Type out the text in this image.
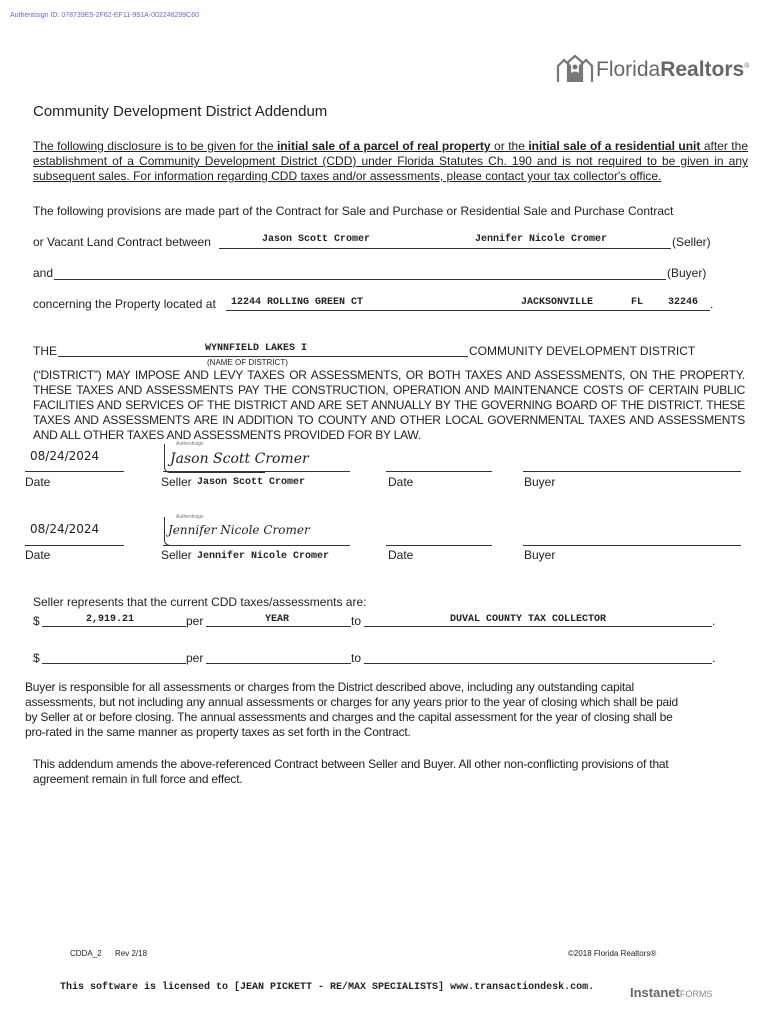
Authentisign ID: 078739E5-2F62-EF11-991A-002248299C60
FloridaRealtors®
Community Development District Addendum
The following disclosure is to be given for the initial sale of a parcel of real property or the initial sale of a residential unit after the establishment of a Community Development District (CDD) under Florida Statutes Ch. 190 and is not required to be given in any subsequent sales. For information regarding CDD taxes and/or assessments, please contact your tax collector's office.
The following provisions are made part of the Contract for Sale and Purchase or Residential Sale and Purchase Contract
or Vacant Land Contract between	Jason Scott Cromer	Jennifer Nicole Cromer	(Seller)
and	(Buyer)
concerning the Property located at 12244 ROLLING GREEN CT	JACKSONVILLE	FL 32246 .
THE	WYNNFIELD LAKES I
(NAME OF DISTRICT)
COMMUNITY DEVELOPMENT DISTRICT
(“DISTRICT”) MAY IMPOSE AND LEVY TAXES OR ASSESSMENTS, OR BOTH TAXES AND ASSESSMENTS, ON THE PROPERTY. THESE TAXES AND ASSESSMENTS PAY THE CONSTRUCTION, OPERATION AND MAINTENANCE COSTS OF CERTAIN PUBLIC FACILITIES AND SERVICES OF THE DISTRICT AND ARE SET ANNUALLY BY THE GOVERNING BOARD OF THE DISTRICT. THESE TAXES AND ASSESSMENTS ARE IN ADDITION TO COUNTY AND OTHER LOCAL GOVERNMENTAL TAXES AND ASSESSMENTS AND ALL OTHER TAXES AND ASSESSMENTS PROVIDED FOR BY LAW.
08/24/2024
Date
Authentisign
Jason Scott Cromer
Seller Jason Scott Cromer	Date	Buyer
08/24/2024
Date
Authentisign
Jennifer Nicole Cromer
Seller Jennifer Nicole Cromer	Date	Buyer
Seller represents that the current CDD taxes/assessments are:
$	2,919.21	per	YEAR	to	DUVAL COUNTY TAX COLLECTOR	.
$	per	to	.
Buyer is responsible for all assessments or charges from the District described above, including any outstanding capital assessments, but not including any annual assessments or charges for any years prior to the year of closing which shall be paid by Seller at or before closing. The annual assessments and charges and the capital assessment for the year of closing shall be pro-rated in the same manner as property taxes as set forth in the Contract.
This addendum amends the above-referenced Contract between Seller and Buyer. All other non-conflicting provisions of that agreement remain in full force and effect.
CDDA_2 Rev 2/18	©2018 Florida Realtors®
This software is licensed to [JEAN PICKETT - RE/MAX SPECIALISTS] www.transactiondesk.com.	InstanetFORMS
